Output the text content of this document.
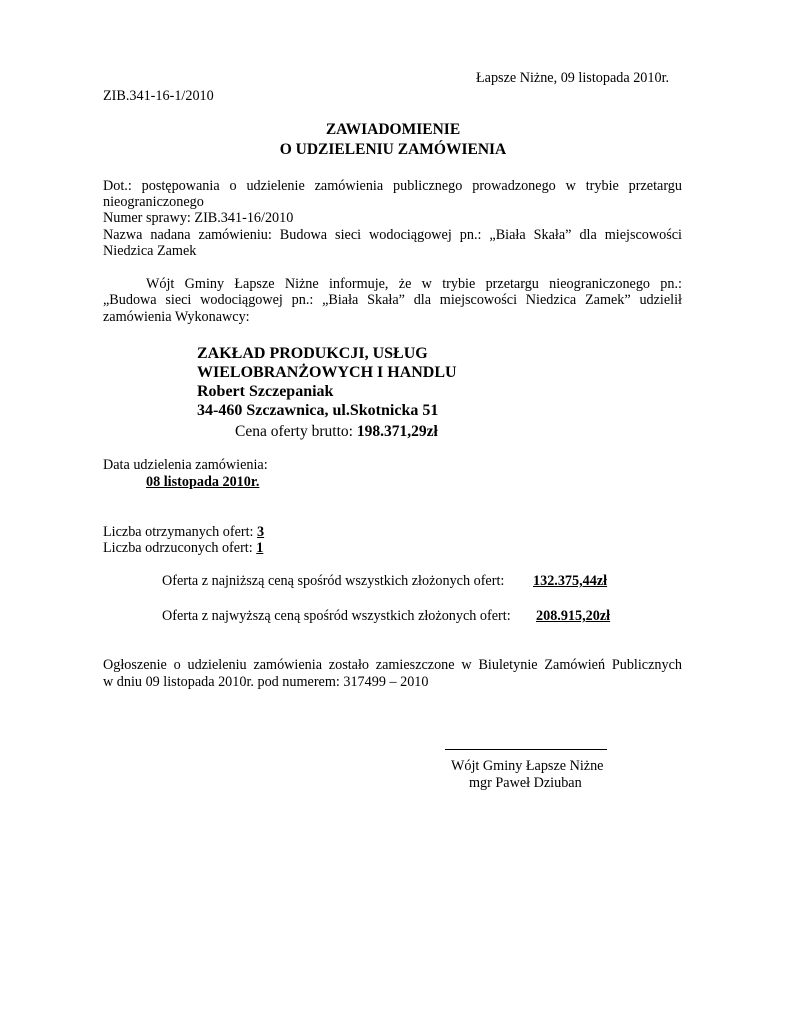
Łapsze Niżne, 09 listopada 2010r.
ZIB.341-16-1/2010
ZAWIADOMIENIE
O UDZIELENIU ZAMÓWIENIA
Dot.: postępowania o udzielenie zamówienia publicznego prowadzonego w trybie przetargu
nieograniczonego
Numer sprawy: ZIB.341-16/2010
Nazwa nadana zamówieniu: Budowa sieci wodociągowej pn.: „Biała Skała” dla miejscowości
Niedzica Zamek
Wójt Gminy Łapsze Niżne informuje, że w trybie przetargu nieograniczonego pn.:
„Budowa sieci wodociągowej pn.: „Biała Skała” dla miejscowości Niedzica Zamek” udzielił
zamówienia Wykonawcy:
ZAKŁAD PRODUKCJI, USŁUG
WIELOBRANŻOWYCH I HANDLU
Robert Szczepaniak
34-460 Szczawnica, ul.Skotnicka 51
Cena oferty brutto: 198.371,29zł
Data udzielenia zamówienia:
08 listopada 2010r.
Liczba otrzymanych ofert: 3
Liczba odrzuconych ofert: 1
Oferta z najniższą ceną spośród wszystkich złożonych ofert: 132.375,44zł
Oferta z najwyższą ceną spośród wszystkich złożonych ofert: 208.915,20zł
Ogłoszenie o udzieleniu zamówienia zostało zamieszczone w Biuletynie Zamówień Publicznych
w dniu 09 listopada 2010r. pod numerem: 317499 – 2010
Wójt Gminy Łapsze Niżne
mgr Paweł Dziuban
